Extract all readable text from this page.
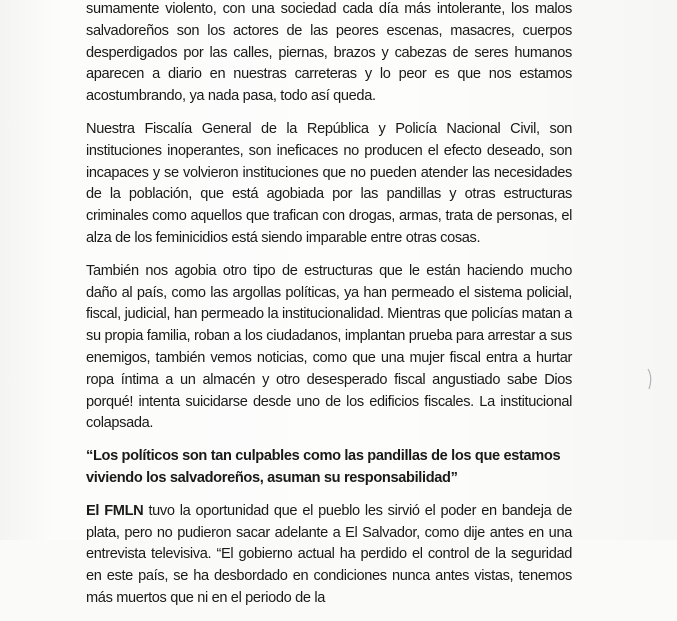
sumamente violento, con una sociedad cada día más intolerante, los malos salvadoreños son los actores de las peores escenas, masacres, cuerpos desperdigados por las calles, piernas, brazos y cabezas de seres humanos aparecen a diario en nuestras carreteras y lo peor es que nos estamos acostumbrando, ya nada pasa, todo así queda.

Nuestra Fiscalía General de la República y Policía Nacional Civil, son instituciones inoperantes, son ineficaces no producen el efecto deseado, son incapaces y se volvieron instituciones que no pueden atender las necesidades de la población, que está agobiada por las pandillas y otras estructuras criminales como aquellos que trafican con drogas, armas, trata de personas, el alza de los feminicidios está siendo imparable entre otras cosas.

También nos agobia otro tipo de estructuras que le están haciendo mucho daño al país, como las argollas políticas, ya han permeado el sistema policial, fiscal, judicial, han permeado la institucionalidad. Mientras que policías matan a su propia familia, roban a los ciudadanos, implantan prueba para arrestar a sus enemigos, también vemos noticias, como que una mujer fiscal entra a hurtar ropa íntima a un almacén y otro desesperado fiscal angustiado sabe Dios porqué! intenta suicidarse desde uno de los edificios fiscales. La institucional colapsada.

“Los políticos son tan culpables como las pandillas de los que estamos viviendo los salvadoreños, asuman su responsabilidad”

El FMLN tuvo la oportunidad que el pueblo les sirvió el poder en bandeja de plata, pero no pudieron sacar adelante a El Salvador, como dije antes en una entrevista televisiva. “El gobierno actual ha perdido el control de la seguridad en este país, se ha desbordado en condiciones nunca antes vistas, tenemos más muertos que ni en el periodo de la
